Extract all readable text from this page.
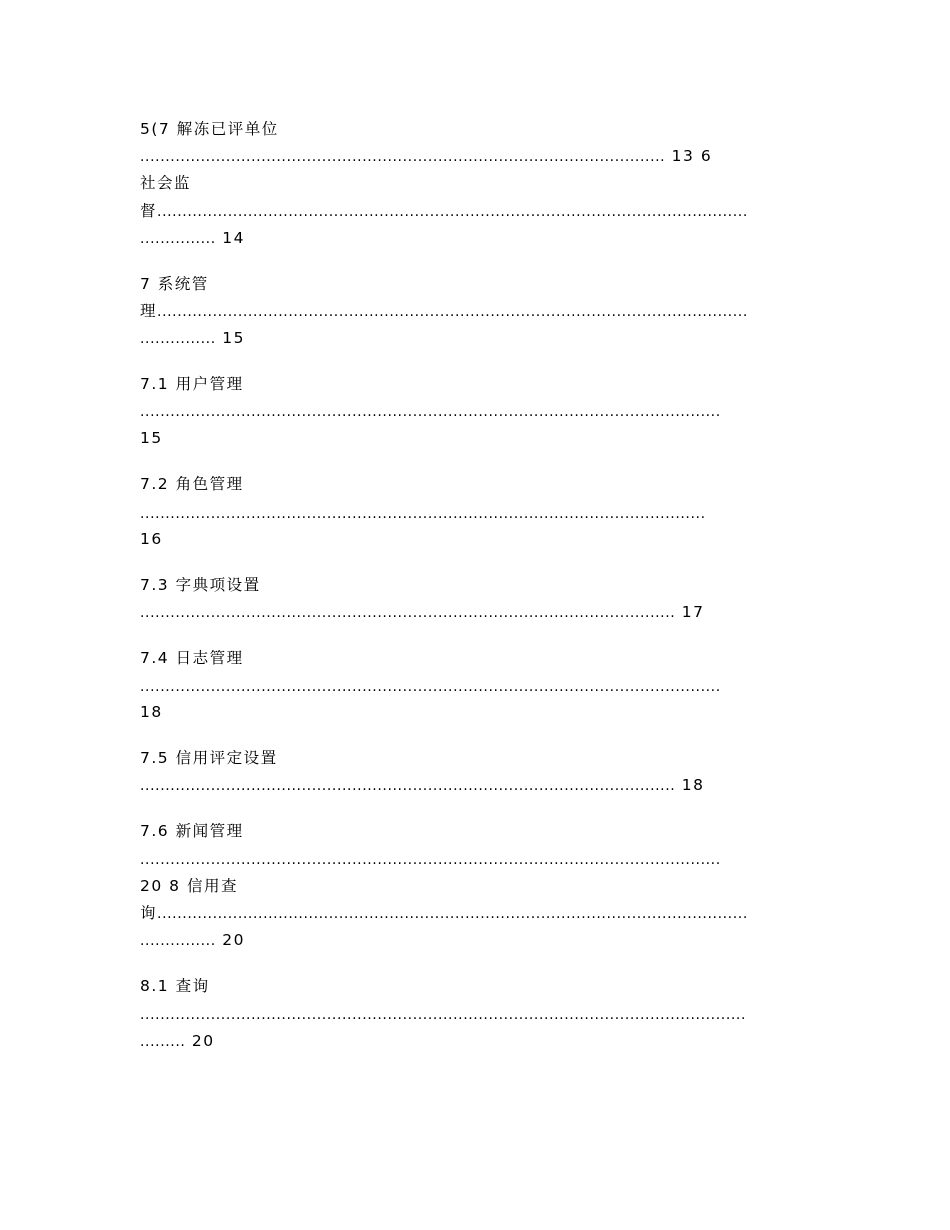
5(7 解冻已评单位
........................................................................................................ 13 6
社会监
督.....................................................................................................................
............... 14
7 系统管
理.....................................................................................................................
............... 15
7.1 用户管理
...................................................................................................................
15
7.2 角色管理
................................................................................................................
16
7.3 字典项设置
.......................................................................................................... 17
7.4 日志管理
...................................................................................................................
18
7.5 信用评定设置
.......................................................................................................... 18
7.6 新闻管理
...................................................................................................................
20 8 信用查
询.....................................................................................................................
............... 20
8.1 查询
........................................................................................................................
......... 20
